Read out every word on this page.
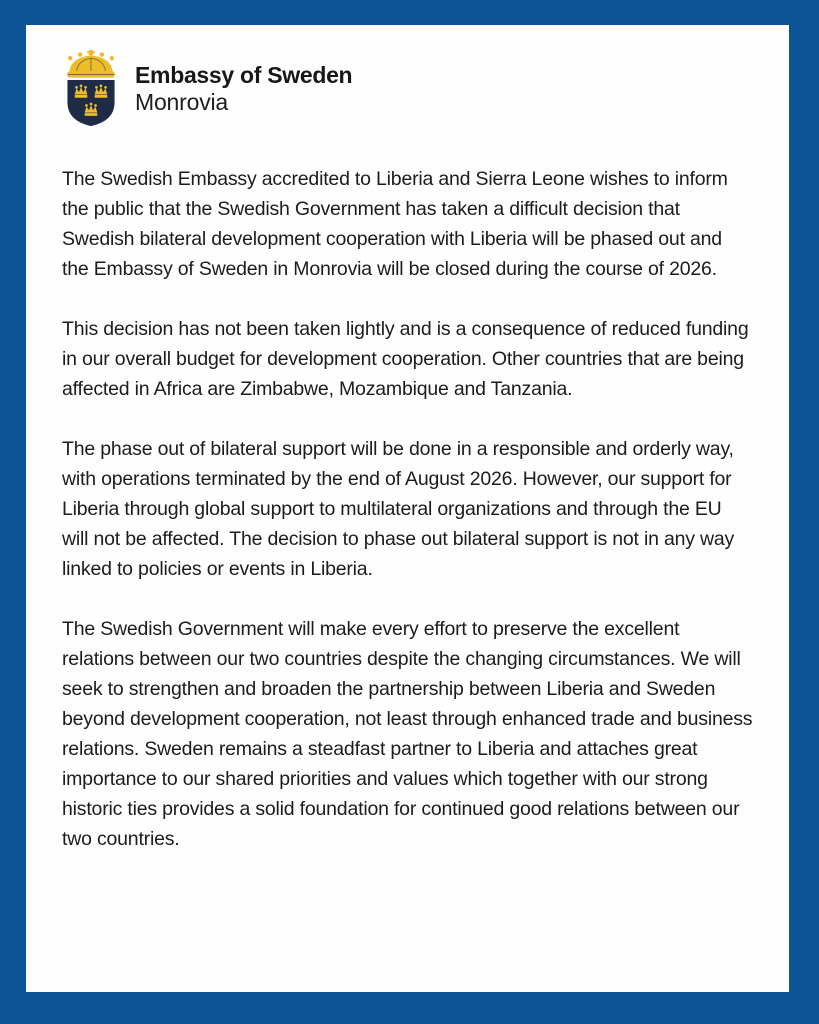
Embassy of Sweden
Monrovia

The Swedish Embassy accredited to Liberia and Sierra Leone wishes to inform the public that the Swedish Government has taken a difficult decision that Swedish bilateral development cooperation with Liberia will be phased out and the Embassy of Sweden in Monrovia will be closed during the course of 2026.

This decision has not been taken lightly and is a consequence of reduced funding in our overall budget for development cooperation. Other countries that are being affected in Africa are Zimbabwe, Mozambique and Tanzania.

The phase out of bilateral support will be done in a responsible and orderly way, with operations terminated by the end of August 2026. However, our support for Liberia through global support to multilateral organizations and through the EU will not be affected. The decision to phase out bilateral support is not in any way linked to policies or events in Liberia.

The Swedish Government will make every effort to preserve the excellent relations between our two countries despite the changing circumstances. We will seek to strengthen and broaden the partnership between Liberia and Sweden beyond development cooperation, not least through enhanced trade and business relations. Sweden remains a steadfast partner to Liberia and attaches great importance to our shared priorities and values which together with our strong historic ties provides a solid foundation for continued good relations between our two countries.
